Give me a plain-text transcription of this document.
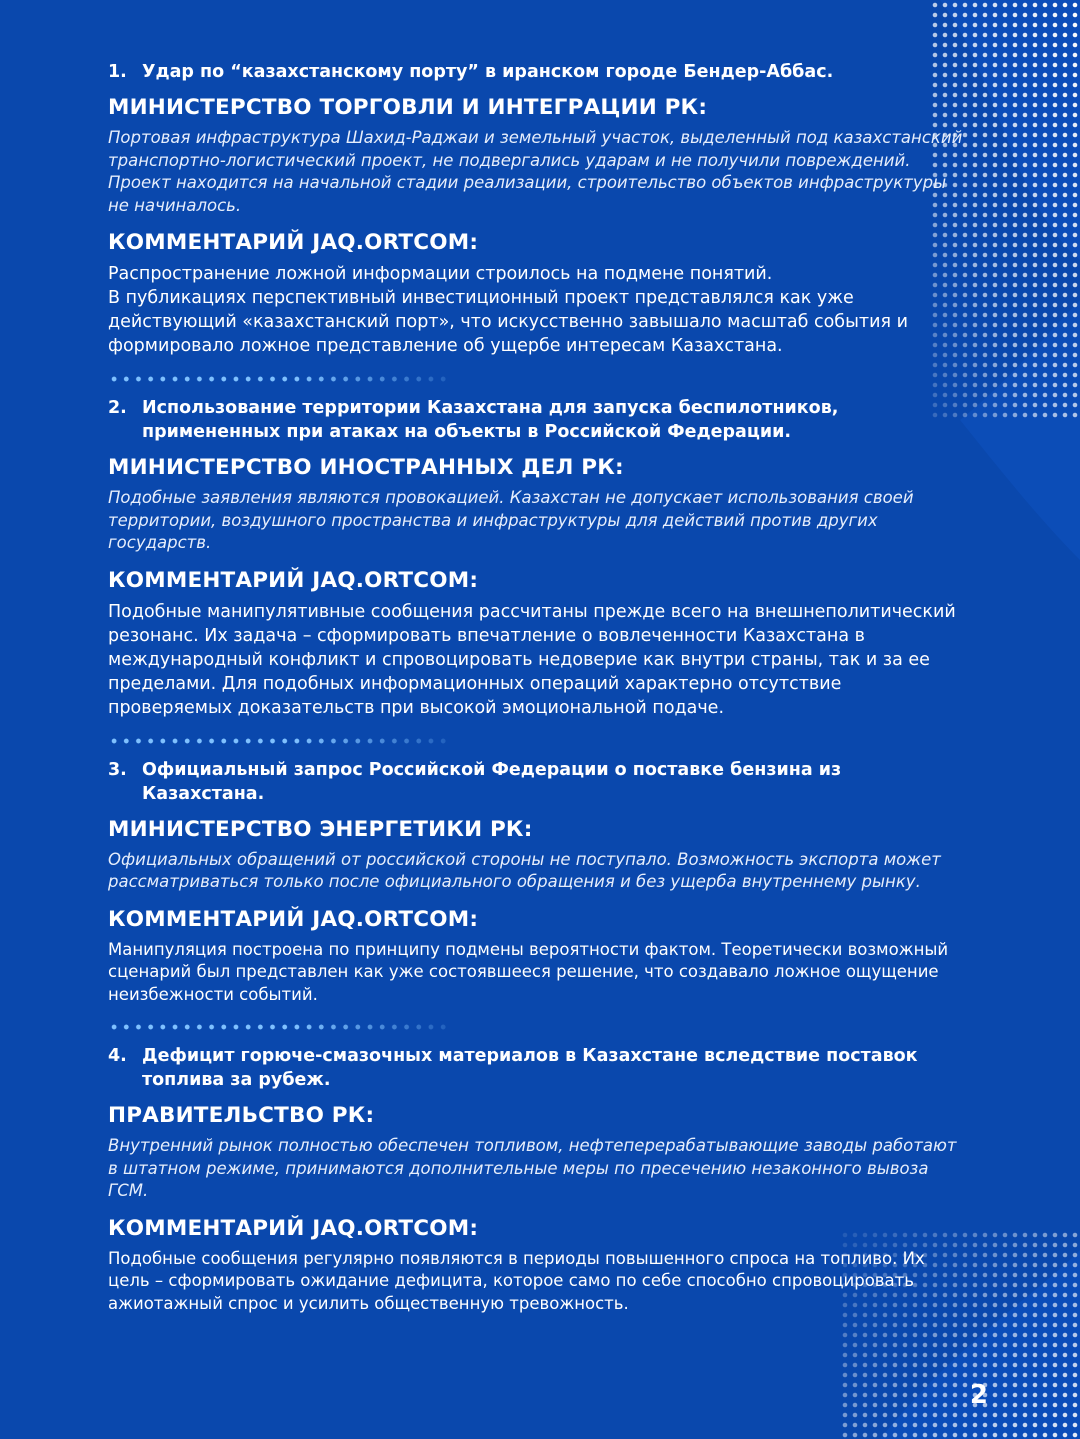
1. Удар по “казахстанскому порту” в иранском городе Бендер-Аббас.
МИНИСТЕРСТВО ТОРГОВЛИ И ИНТЕГРАЦИИ РК:
Портовая инфраструктура Шахид-Раджаи и земельный участок, выделенный под казахстанский транспортно-логистический проект, не подвергались ударам и не получили повреждений. Проект находится на начальной стадии реализации, строительство объектов инфраструктуры не начиналось.
КОММЕНТАРИЙ JAQ.ORTCOM:
Распространение ложной информации строилось на подмене понятий.
В публикациях перспективный инвестиционный проект представлялся как уже действующий «казахстанский порт», что искусственно завышало масштаб события и формировало ложное представление об ущербе интересам Казахстана.
2. Использование территории Казахстана для запуска беспилотников, примененных при атаках на объекты в Российской Федерации.
МИНИСТЕРСТВО ИНОСТРАННЫХ ДЕЛ РК:
Подобные заявления являются провокацией. Казахстан не допускает использования своей территории, воздушного пространства и инфраструктуры для действий против других государств.
КОММЕНТАРИЙ JAQ.ORTCOM:
Подобные манипулятивные сообщения рассчитаны прежде всего на внешнеполитический резонанс. Их задача – сформировать впечатление о вовлеченности Казахстана в международный конфликт и спровоцировать недоверие как внутри страны, так и за ее пределами. Для подобных информационных операций характерно отсутствие проверяемых доказательств при высокой эмоциональной подаче.
3. Официальный запрос Российской Федерации о поставке бензина из Казахстана.
МИНИСТЕРСТВО ЭНЕРГЕТИКИ РК:
Официальных обращений от российской стороны не поступало. Возможность экспорта может рассматриваться только после официального обращения и без ущерба внутреннему рынку.
КОММЕНТАРИЙ JAQ.ORTCOM:
Манипуляция построена по принципу подмены вероятности фактом. Теоретически возможный сценарий был представлен как уже состоявшееся решение, что создавало ложное ощущение неизбежности событий.
4. Дефицит горюче-смазочных материалов в Казахстане вследствие поставок топлива за рубеж.
ПРАВИТЕЛЬСТВО РК:
Внутренний рынок полностью обеспечен топливом, нефтеперерабатывающие заводы работают в штатном режиме, принимаются дополнительные меры по пресечению незаконного вывоза ГСМ.
КОММЕНТАРИЙ JAQ.ORTCOM:
Подобные сообщения регулярно появляются в периоды повышенного спроса на топливо. Их цель – сформировать ожидание дефицита, которое само по себе способно спровоцировать ажиотажный спрос и усилить общественную тревожность.
2
